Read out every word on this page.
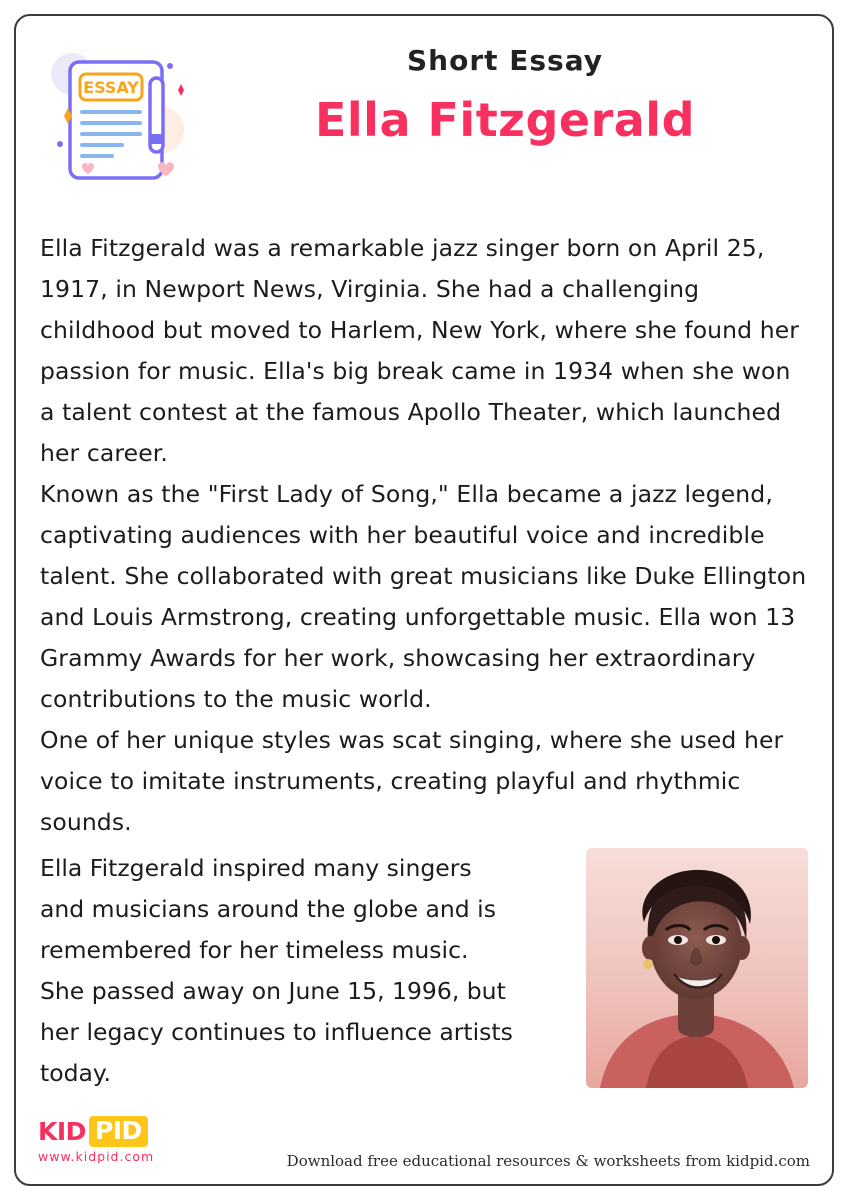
ESSAY
Short Essay
Ella Fitzgerald

Ella Fitzgerald was a remarkable jazz singer born on April 25, 1917, in Newport News, Virginia. She had a challenging childhood but moved to Harlem, New York, where she found her passion for music. Ella's big break came in 1934 when she won a talent contest at the famous Apollo Theater, which launched her career.

Known as the "First Lady of Song," Ella became a jazz legend, captivating audiences with her beautiful voice and incredible talent. She collaborated with great musicians like Duke Ellington and Louis Armstrong, creating unforgettable music. Ella won 13 Grammy Awards for her work, showcasing her extraordinary contributions to the music world.

One of her unique styles was scat singing, where she used her voice to imitate instruments, creating playful and rhythmic sounds.

Ella Fitzgerald inspired many singers and musicians around the globe and is remembered for her timeless music.

She passed away on June 15, 1996, but her legacy continues to influence artists today.

KID PID
www.kidpid.com	Download free educational resources & worksheets from kidpid.com
